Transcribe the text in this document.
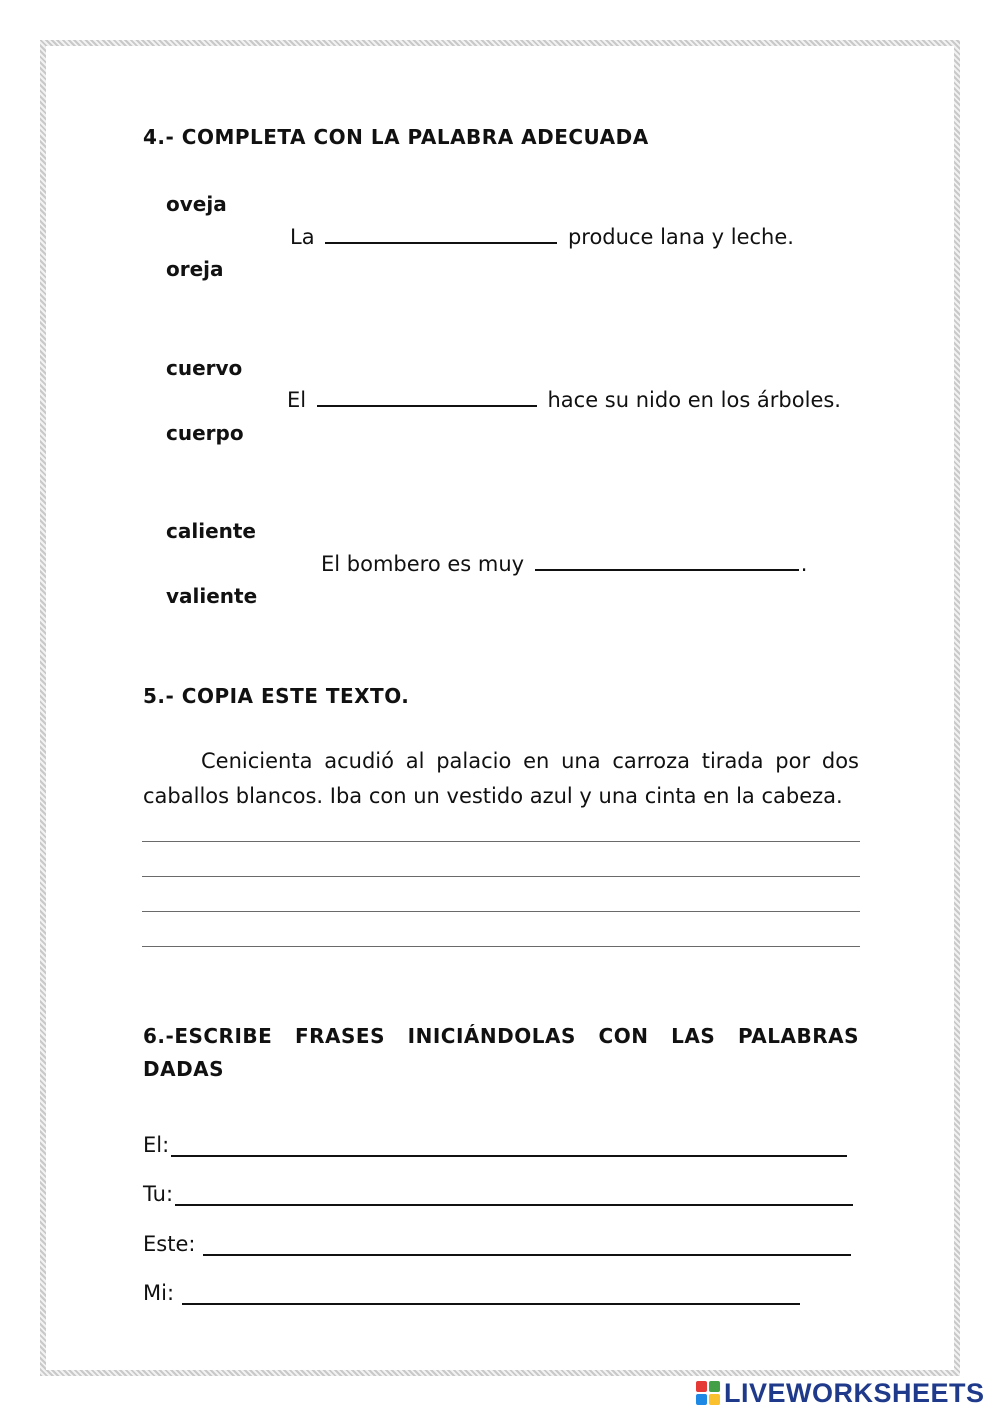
4.- COMPLETA CON LA PALABRA ADECUADA
oveja
La	produce lana y leche.
oreja
cuervo
El	hace su nido en los árboles.
cuerpo
caliente
El bombero es muy	.
valiente
5.- COPIA ESTE TEXTO.
Cenicienta acudió al palacio en una carroza tirada por dos caballos blancos. Iba con un vestido azul y una cinta en la cabeza.
6.-ESCRIBE FRASES INICIÁNDOLAS CON LAS PALABRAS DADAS
El:
Tu:
Este:
Mi:
LIVEWORKSHEETS
